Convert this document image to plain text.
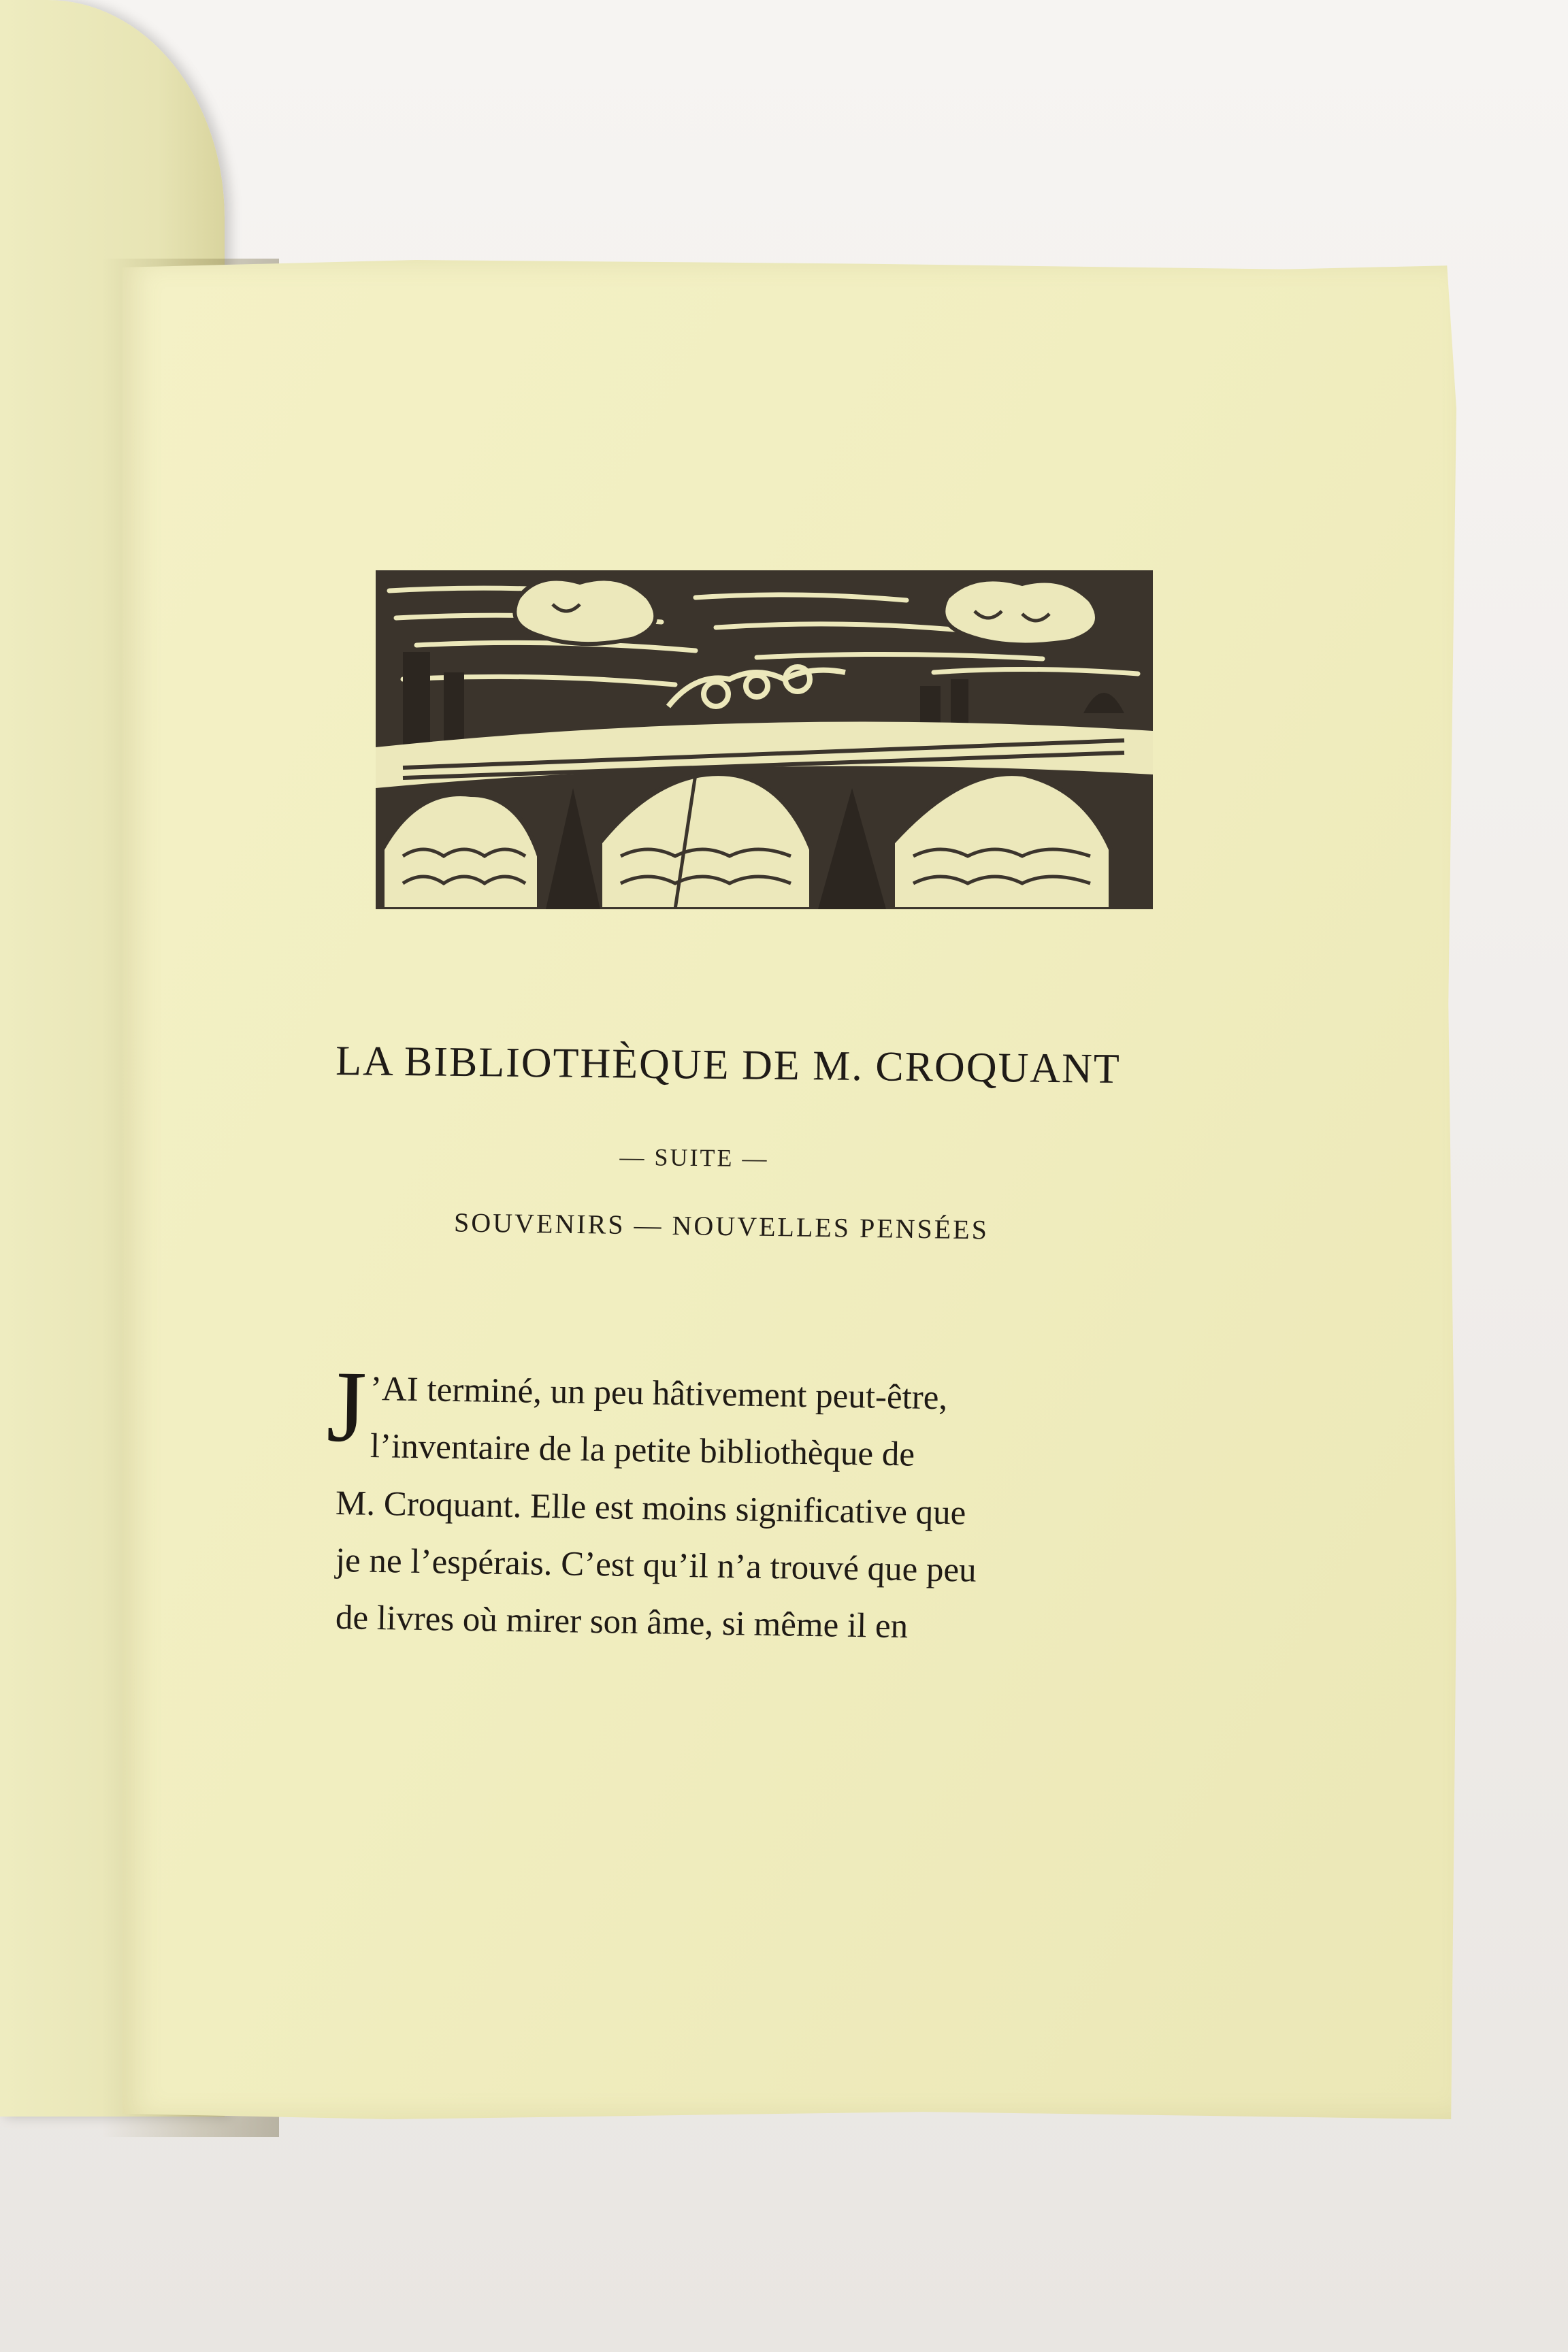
LA BIBLIOTHÈQUE DE M. CROQUANT
— SUITE —
SOUVENIRS — NOUVELLES PENSÉES
J ’AI terminé, un peu hâtivement peut-être,
l’inventaire de la petite bibliothèque de
M. Croquant. Elle est moins significative que
je ne l’espérais. C’est qu’il n’a trouvé que peu
de livres où mirer son âme, si même il en
